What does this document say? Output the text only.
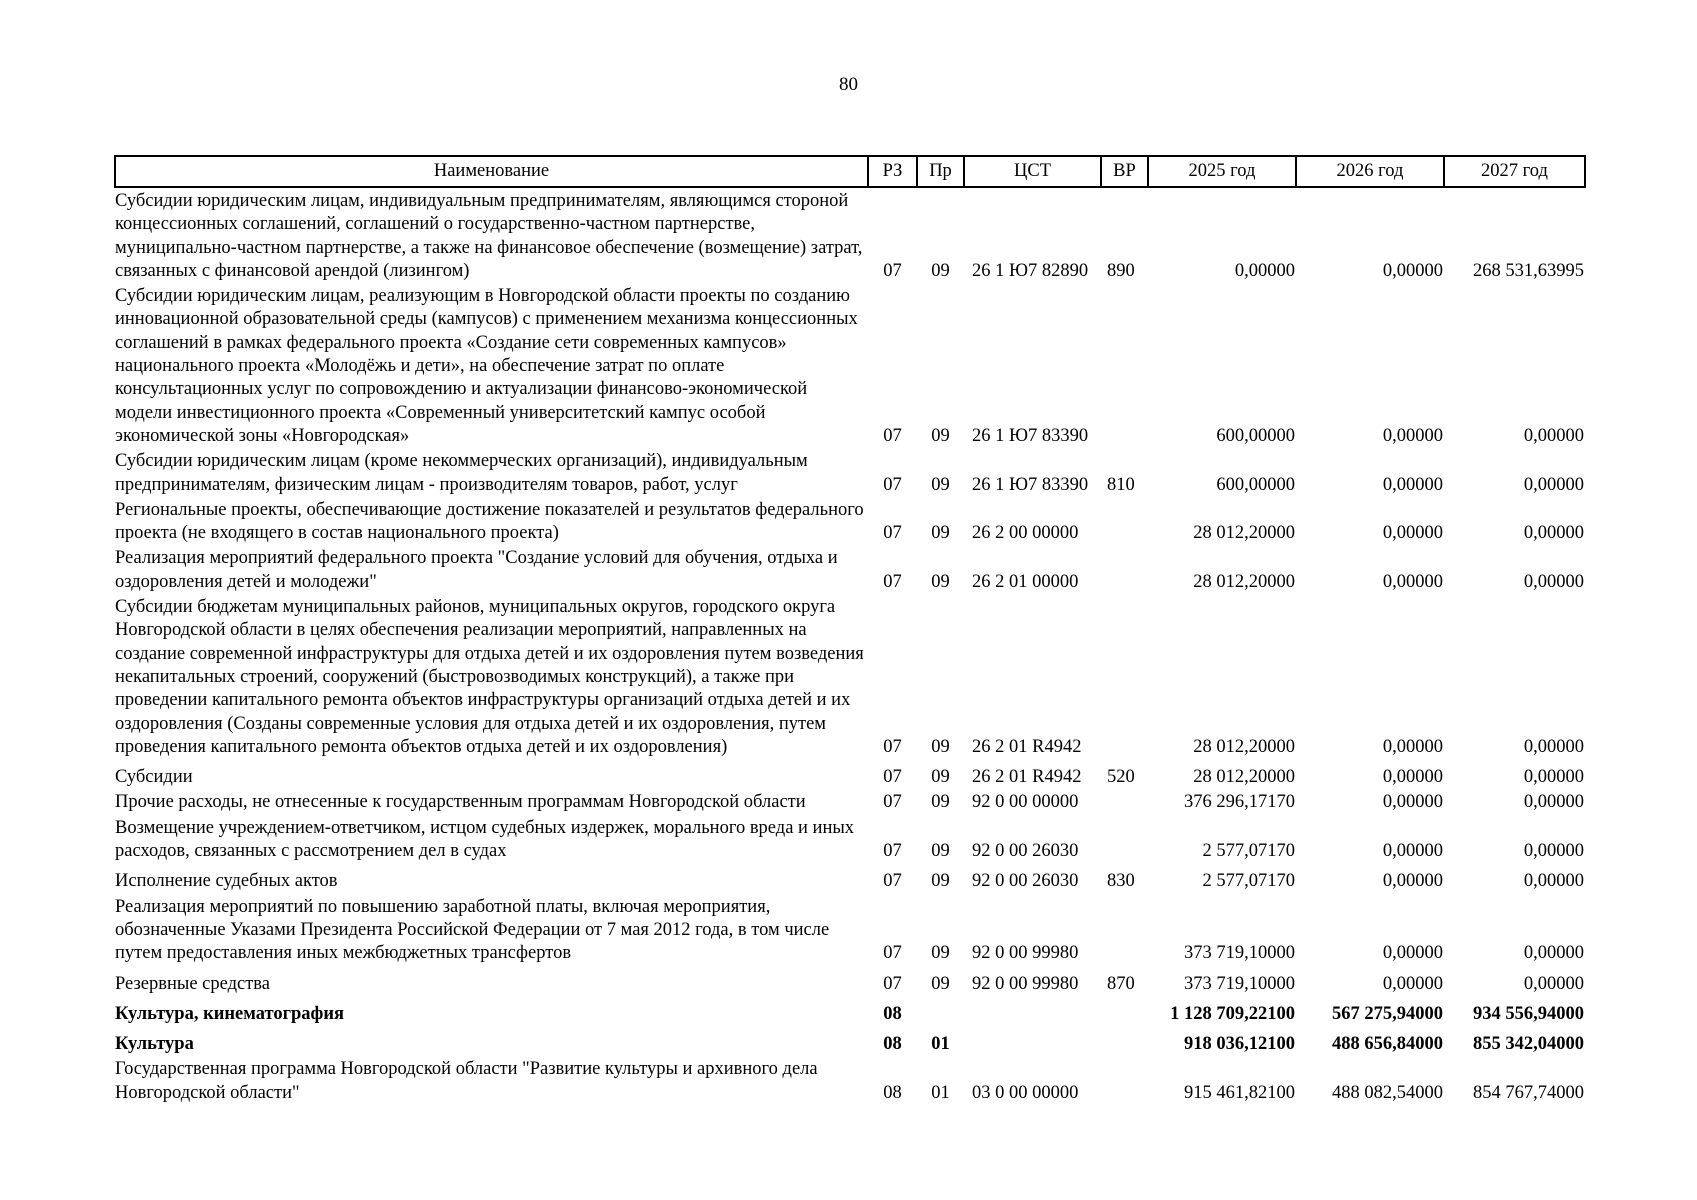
80
Наименование	РЗ	Пр	ЦСТ	ВР	2025 год	2026 год	2027 год
Субсидии юридическим лицам, индивидуальным предпринимателям, являющимся стороной концессионных соглашений, соглашений о государственно-частном партнерстве, муниципально-частном партнерстве, а также на финансовое обеспечение (возмещение) затрат, связанных с финансовой арендой (лизингом)	07	09	26 1 Ю7 82890	890	0,00000	0,00000	268 531,63995
Субсидии юридическим лицам, реализующим в Новгородской области проекты по созданию инновационной образовательной среды (кампусов) с применением механизма концессионных соглашений в рамках федерального проекта «Создание сети современных кампусов» национального проекта «Молодёжь и дети», на обеспечение затрат по оплате консультационных услуг по сопровождению и актуализации финансово-экономической модели инвестиционного проекта «Современный университетский кампус особой экономической зоны «Новгородская»	07	09	26 1 Ю7 83390		600,00000	0,00000	0,00000
Субсидии юридическим лицам (кроме некоммерческих организаций), индивидуальным предпринимателям, физическим лицам - производителям товаров, работ, услуг	07	09	26 1 Ю7 83390	810	600,00000	0,00000	0,00000
Региональные проекты, обеспечивающие достижение показателей и результатов федерального проекта (не входящего в состав национального проекта)	07	09	26 2 00 00000		28 012,20000	0,00000	0,00000
Реализация мероприятий федерального проекта "Создание условий для обучения, отдыха и оздоровления детей и молодежи"	07	09	26 2 01 00000		28 012,20000	0,00000	0,00000
Субсидии бюджетам муниципальных районов, муниципальных округов, городского округа Новгородской области в целях обеспечения реализации мероприятий, направленных на создание современной инфраструктуры для отдыха детей и их оздоровления путем возведения некапитальных строений, сооружений (быстровозводимых конструкций), а также при проведении капитального ремонта объектов инфраструктуры организаций отдыха детей и их оздоровления (Созданы современные условия для отдыха детей и их оздоровления, путем проведения капитального ремонта объектов отдыха детей и их оздоровления)	07	09	26 2 01 R4942		28 012,20000	0,00000	0,00000
Субсидии	07	09	26 2 01 R4942	520	28 012,20000	0,00000	0,00000
Прочие расходы, не отнесенные к государственным программам Новгородской области	07	09	92 0 00 00000		376 296,17170	0,00000	0,00000
Возмещение учреждением-ответчиком, истцом судебных издержек, морального вреда и иных расходов, связанных с рассмотрением дел в судах	07	09	92 0 00 26030		2 577,07170	0,00000	0,00000
Исполнение судебных актов	07	09	92 0 00 26030	830	2 577,07170	0,00000	0,00000
Реализация мероприятий по повышению заработной платы, включая мероприятия, обозначенные Указами Президента Российской Федерации от 7 мая 2012 года, в том числе путем предоставления иных межбюджетных трансфертов	07	09	92 0 00 99980		373 719,10000	0,00000	0,00000
Резервные средства	07	09	92 0 00 99980	870	373 719,10000	0,00000	0,00000
Культура, кинематография	08				1 128 709,22100	567 275,94000	934 556,94000
Культура	08	01			918 036,12100	488 656,84000	855 342,04000
Государственная программа Новгородской области "Развитие культуры и архивного дела Новгородской области"	08	01	03 0 00 00000		915 461,82100	488 082,54000	854 767,74000
